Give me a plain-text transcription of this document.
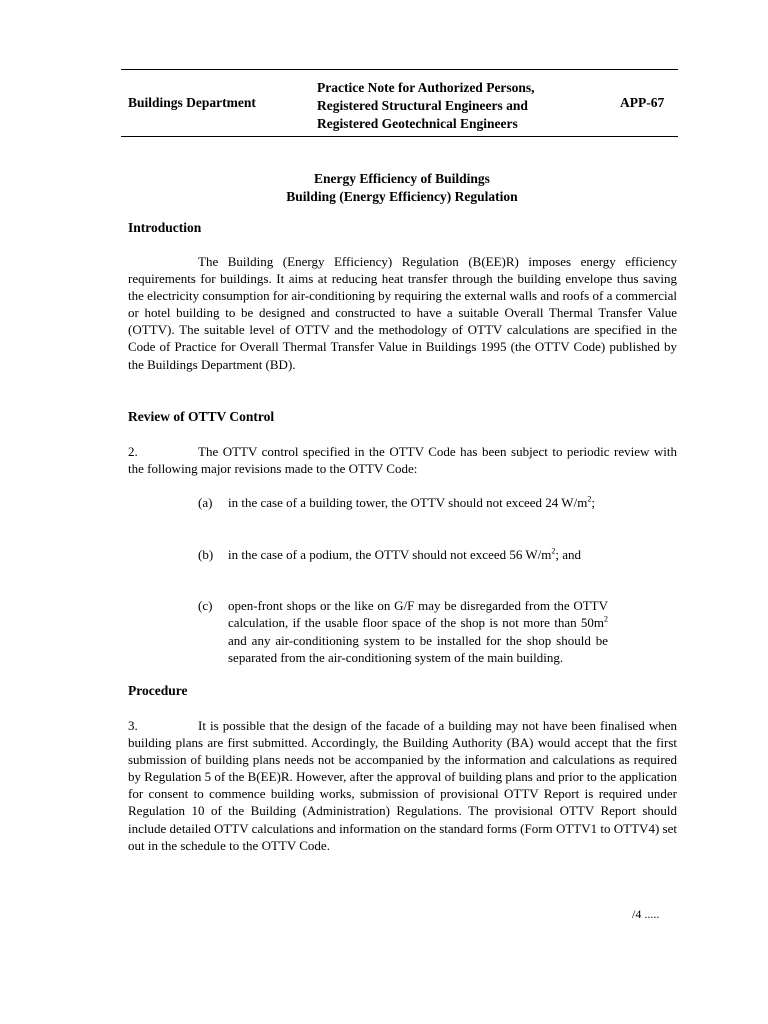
Buildings Department
Practice Note for Authorized Persons,
Registered Structural Engineers and
Registered Geotechnical Engineers
APP-67
Energy Efficiency of Buildings
Building (Energy Efficiency) Regulation
Introduction
The Building (Energy Efficiency) Regulation (B(EE)R) imposes energy efficiency requirements for buildings. It aims at reducing heat transfer through the building envelope thus saving the electricity consumption for air-conditioning by requiring the external walls and roofs of a commercial or hotel building to be designed and constructed to have a suitable Overall Thermal Transfer Value (OTTV). The suitable level of OTTV and the methodology of OTTV calculations are specified in the Code of Practice for Overall Thermal Transfer Value in Buildings 1995 (the OTTV Code) published by the Buildings Department (BD).
Review of OTTV Control
2.	The OTTV control specified in the OTTV Code has been subject to periodic review with the following major revisions made to the OTTV Code:
(a) in the case of a building tower, the OTTV should not exceed 24 $W/m^2$;
(b) in the case of a podium, the OTTV should not exceed 56 $W/m^2$; and
(c) open-front shops or the like on G/F may be disregarded from the OTTV calculation, if the usable floor space of the shop is not more than $50m^2$ and any air-conditioning system to be installed for the shop should be separated from the air-conditioning system of the main building.
Procedure
3.	It is possible that the design of the facade of a building may not have been finalised when building plans are first submitted. Accordingly, the Building Authority (BA) would accept that the first submission of building plans needs not be accompanied by the information and calculations as required by Regulation 5 of the B(EE)R. However, after the approval of building plans and prior to the application for consent to commence building works, submission of provisional OTTV Report is required under Regulation 10 of the Building (Administration) Regulations. The provisional OTTV Report should include detailed OTTV calculations and information on the standard forms (Form OTTV1 to OTTV4) set out in the schedule to the OTTV Code.
/4 .....
